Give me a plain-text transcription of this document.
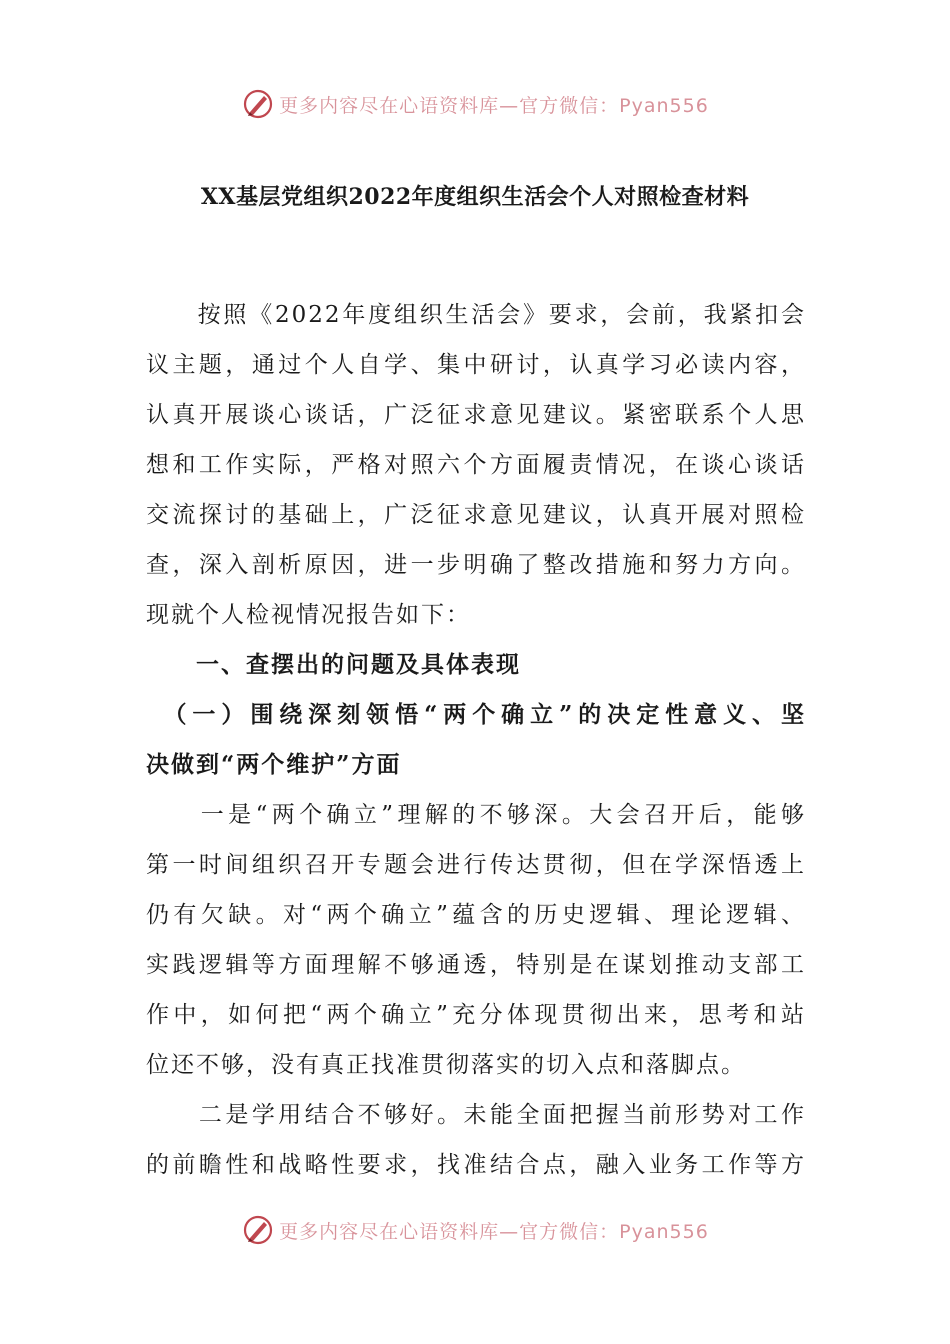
更多内容尽在心语资料库—官方微信：Pyan556
XX基层党组织2022年度组织生活会个人对照检查材料

　　按照《2022年度组织生活会》要求，会前，我紧扣会

议主题，通过个人自学、集中研讨，认真学习必读内容，

认真开展谈心谈话，广泛征求意见建议。紧密联系个人思

想和工作实际，严格对照六个方面履责情况，在谈心谈话

交流探讨的基础上，广泛征求意见建议，认真开展对照检

查，深入剖析原因，进一步明确了整改措施和努力方向。

现就个人检视情况报告如下：

　　一、查摆出的问题及具体表现

　（一）围绕深刻领悟“两个确立”的决定性意义、坚

决做到“两个维护”方面

　　一是“两个确立”理解的不够深。大会召开后，能够

第一时间组织召开专题会进行传达贯彻，但在学深悟透上

仍有欠缺。对“两个确立”蕴含的历史逻辑、理论逻辑、

实践逻辑等方面理解不够通透，特别是在谋划推动支部工

作中，如何把“两个确立”充分体现贯彻出来，思考和站

位还不够，没有真正找准贯彻落实的切入点和落脚点。

　　二是学用结合不够好。未能全面把握当前形势对工作

的前瞻性和战略性要求，找准结合点，融入业务工作等方

更多内容尽在心语资料库—官方微信：Pyan556
